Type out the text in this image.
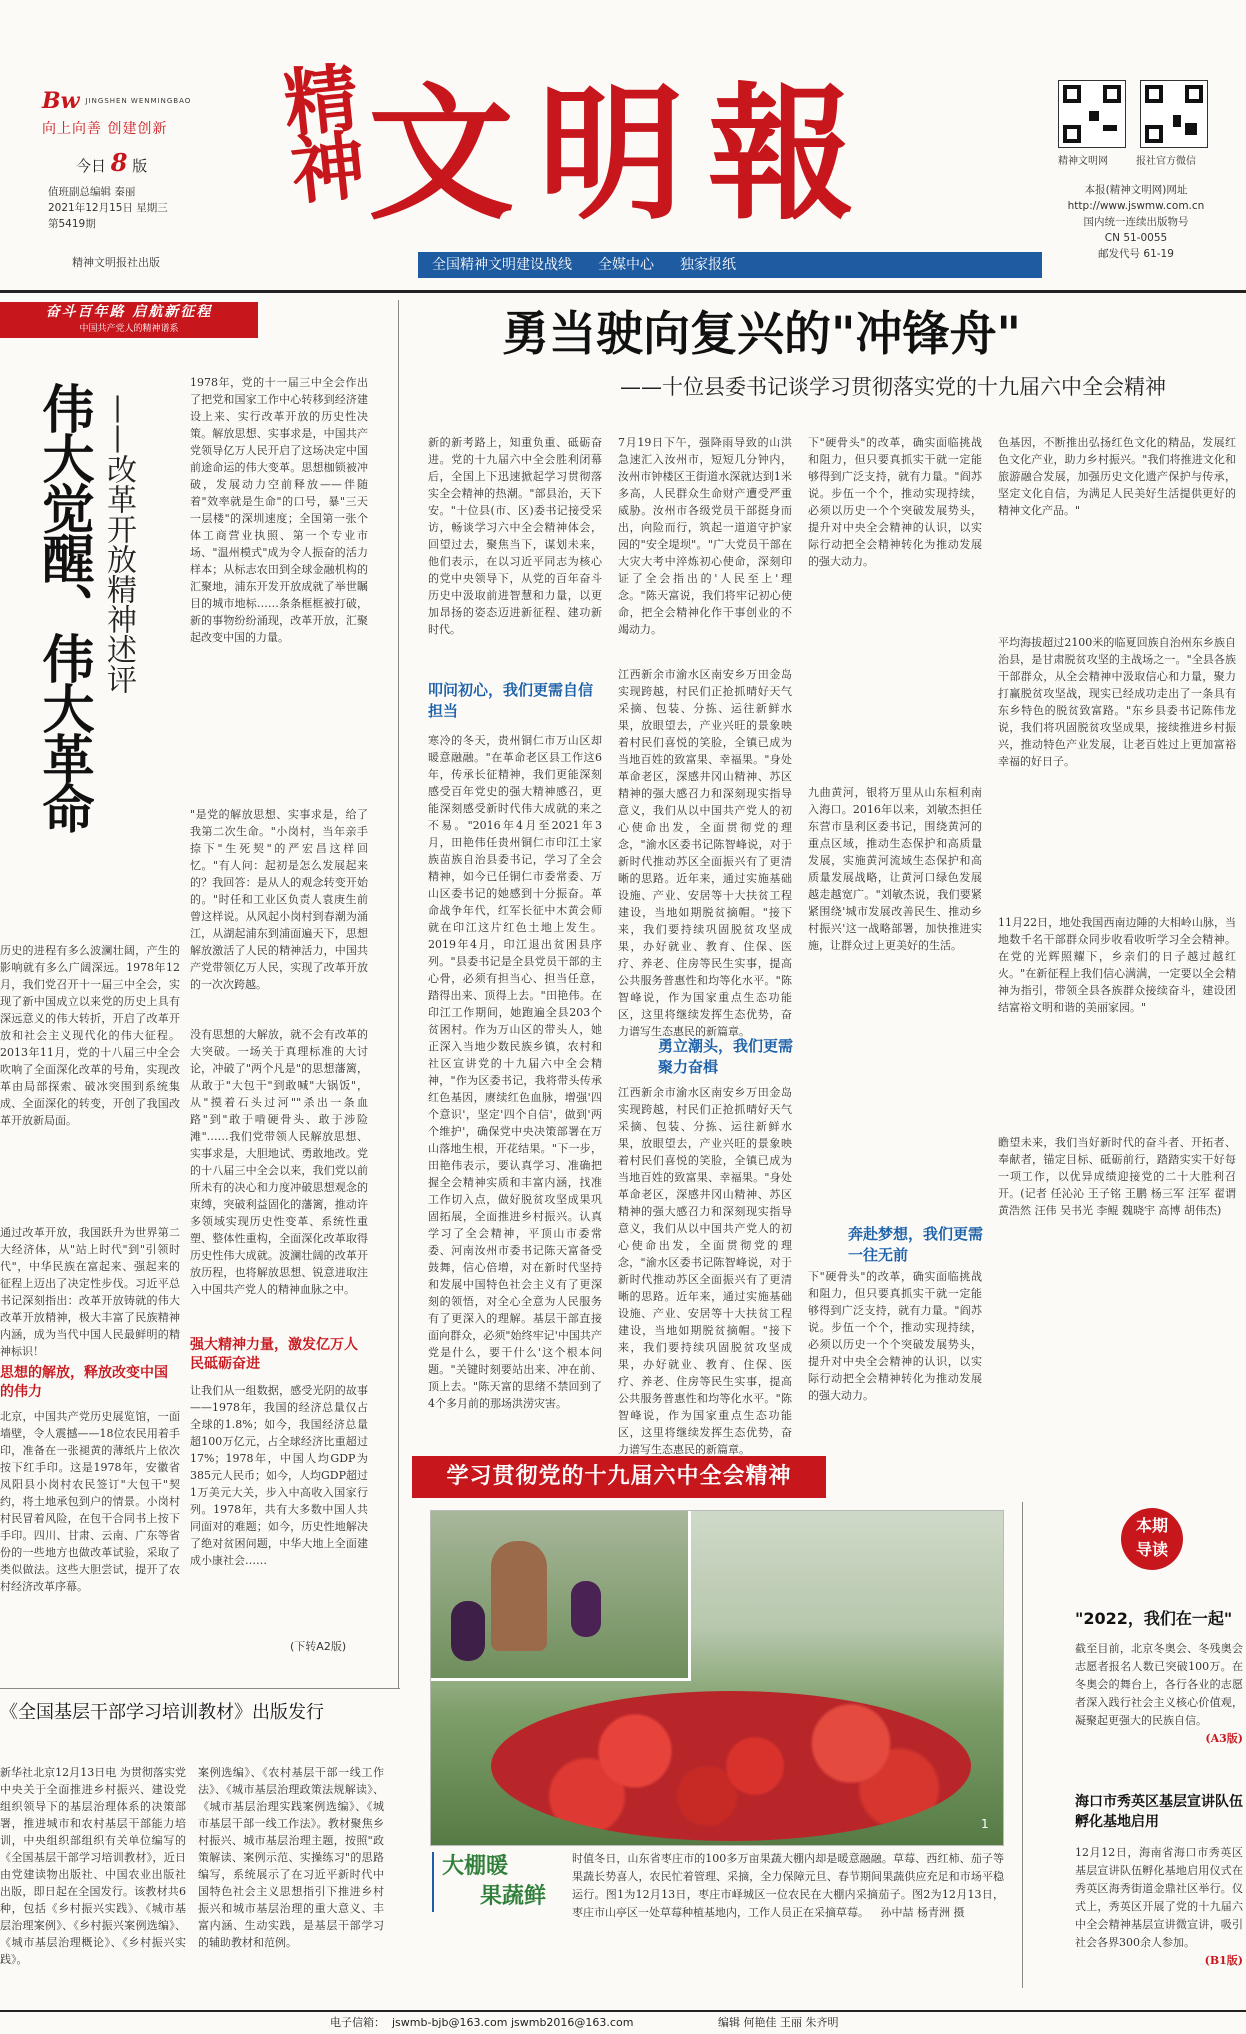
Bw JINGSHEN WENMINGBAO
向上向善 创建创新
今日 8 版
值班副总编辑 秦丽
2021年12月15日 星期三
第5419期
精神文明报社出版
精神 文明報	精神文明网	报社官方微信
本报(精神文明网)网址
http://www.jswmw.com.cn
国内统一连续出版物号
CN 51-0055
邮发代号 61-19
全国精神文明建设战线 全媒中心 独家报纸
奋斗百年路 启航新征程
中国共产党人的精神谱系
伟大觉醒、伟大革命 ——改革开放精神述评
1978年，党的十一届三中全会作出了把党和国家工作中心转移到经济建设上来、实行改革开放的历史性决策。解放思想、实事求是，中国共产党领导亿万人民开启了这场决定中国前途命运的伟大变革。思想枷锁被冲破，发展动力空前释放——伴随着"效率就是生命"的口号，暴"三天一层楼"的深圳速度；全国第一张个体工商营业执照、第一个专业市场、"温州模式"成为令人振奋的活力样本；从标志农田到全球金融机构的汇聚地，浦东开发开放成就了举世瞩目的城市地标……条条框框被打破，新的事物纷纷涌现，改革开放，汇聚起改变中国的力量。
"是党的解放思想、实事求是，给了我第二次生命。"小岗村，当年亲手捺下"生死契"的严宏昌这样回忆。"有人问：起初是怎么发展起来的？我回答：是从人的观念转变开始的。"时任和工业区负责人袁庚生前曾这样说。从风起小岗村到春潮为涌江，从湖起浦东到浦面遍天下，思想解放激活了人民的精神活力，中国共产党带领亿万人民，实现了改革开放的一次次跨越。
历史的进程有多么波澜壮阔，产生的影响就有多么广阔深远。1978年12月，我们党召开十一届三中全会，实现了新中国成立以来党的历史上具有深远意义的伟大转折，开启了改革开放和社会主义现代化的伟大征程。2013年11月，党的十八届三中全会吹响了全面深化改革的号角，实现改革由局部探索、破冰突围到系统集成、全面深化的转变，开创了我国改革开放新局面。
通过改革开放，我国跃升为世界第二大经济体，从"站上时代"到"引领时代"，中华民族在富起来、强起来的征程上迈出了决定性步伐。习近平总书记深刻指出：改革开放铸就的伟大改革开放精神，极大丰富了民族精神内涵，成为当代中国人民最鲜明的精神标识！
思想的解放，释放改变中国的伟力
北京，中国共产党历史展览馆，一面墙壁，令人震撼——18位农民用着手印，准备在一张褪黄的薄纸片上依次按下红手印。这是1978年，安徽省凤阳县小岗村农民签订"大包干"契约，将土地承包到户的情景。小岗村村民冒着风险，在包干合同书上按下手印。四川、甘肃、云南、广东等省份的一些地方也做改革试验，采取了类似做法。这些大胆尝试，提开了农村经济改革序幕。
没有思想的大解放，就不会有改革的大突破。一场关于真理标准的大讨论，冲破了"两个凡是"的思想藩篱，从敢于"大包干"到敢喊"大锅饭"，从"摸着石头过河""杀出一条血路"到"敢于啃硬骨头、敢于涉险滩"……我们党带领人民解放思想、实事求是，大胆地试、勇敢地改。党的十八届三中全会以来，我们党以前所未有的决心和力度冲破思想观念的束缚，突破利益固化的藩篱，推动许多领域实现历史性变革、系统性重塑、整体性重构，全面深化改革取得历史性伟大成就。波澜壮阔的改革开放历程，也将解放思想、锐意进取注入中国共产党人的精神血脉之中。
强大精神力量，激发亿万人民砥砺奋进
让我们从一组数据，感受光阴的故事——1978年，我国的经济总量仅占全球的1.8%；如今，我国经济总量超100万亿元，占全球经济比重超过17%；1978年，中国人均GDP为385元人民币；如今，人均GDP超过1万美元大关，步入中高收入国家行列。1978年，共有大多数中国人共同面对的难题；如今，历史性地解决了绝对贫困问题，中华大地上全面建成小康社会……
(下转A2版)
勇当驶向复兴的"冲锋舟"
——十位县委书记谈学习贯彻落实党的十九届六中全会精神
新的新考路上，知重负重、砥砺奋进。党的十九届六中全会胜利闭幕后，全国上下迅速掀起学习贯彻落实全会精神的热潮。"部县治，天下安。"十位县(市、区)委书记接受采访，畅谈学习六中全会精神体会，回望过去，聚焦当下，谋划未来，他们表示，在以习近平同志为核心的党中央领导下，从党的百年奋斗历史中汲取前进智慧和力量，以更加昂扬的姿态迈进新征程、建功新时代。
叩问初心，我们更需自信担当
寒冷的冬天，贵州铜仁市万山区却暖意融融。"在革命老区县工作这6年，传承长征精神，我们更能深刻感受百年党史的强大精神感召，更能深刻感受新时代伟大成就的来之不易。"2016年4月至2021年3月，田艳伟任贵州铜仁市印江土家族苗族自治县委书记，学习了全会精神，如今已任铜仁市委常委、万山区委书记的她感到十分振奋。革命战争年代，红军长征中木黄会师就在印江这片红色土地上发生。2019年4月，印江退出贫困县序列。"县委书记是全县党员干部的主心骨，必须有担当心、担当任意，踏得出来、顶得上去。"田艳伟。在印江工作期间，她跑遍全县203个贫困村。作为万山区的带头人，她正深入当地少数民族乡镇，农村和社区宣讲党的十九届六中全会精神，"作为区委书记，我将带头传承红色基因，赓续红色血脉，增强'四个意识'，坚定'四个自信'，做到'两个维护'，确保党中央决策部署在万山落地生根，开花结果。"下一步，田艳伟表示，要认真学习、准确把握全会精神实质和丰富内涵，找准工作切入点，做好脱贫攻坚成果巩固拓展，全面推进乡村振兴。认真学习了全会精神，平顶山市委常委、河南汝州市委书记陈天富备受鼓舞，信心倍增，对在新时代坚持和发展中国特色社会主义有了更深刻的领悟，对全心全意为人民服务有了更深入的理解。基层干部直接面向群众，必须"始终牢记'中国共产党是什么，要干什么'这个根本问题。"关键时刻要站出来、冲在前、顶上去。"陈天富的思绪不禁回到了4个多月前的那场洪涝灾害。
7月19日下午，强降雨导致的山洪急速汇入汝州市，短短几分钟内，汝州市钟楼区王街道水深就达到1米多高，人民群众生命财产遭受严重威胁。汝州市各级党员干部挺身而出，向险而行，筑起一道道守护家园的"安全堤坝"。"广大党员干部在大灾大考中淬炼初心使命，深刻印证了全会指出的'人民至上'理念。"陈天富说，我们将牢记初心使命，把全会精神化作干事创业的不竭动力。
江西新余市渝水区南安乡万田金岛实现跨越，村民们正抢抓晴好天气采摘、包装、分拣、运往新鲜水果，放眼望去，产业兴旺的景象映着村民们喜悦的笑脸，全镇已成为当地百姓的致富果、幸福果。"身处革命老区，深感井冈山精神、苏区精神的强大感召力和深刻现实指导意义，我们从以中国共产党人的初心使命出发，全面贯彻党的理念，"渝水区委书记陈智峰说，对于新时代推动苏区全面振兴有了更清晰的思路。近年来，通过实施基础设施、产业、安居等十大扶贫工程建设，当地如期脱贫摘帽。"接下来，我们要持续巩固脱贫攻坚成果，办好就业、教育、住保、医疗、养老、住房等民生实事，提高公共服务普惠性和均等化水平。"陈智峰说，作为国家重点生态功能区，这里将继续发挥生态优势，奋力谱写生态惠民的新篇章。
勇立潮头，我们更需聚力奋楫
江西新余市渝水区南安乡万田金岛实现跨越，村民们正抢抓晴好天气采摘、包装、分拣、运往新鲜水果，放眼望去，产业兴旺的景象映着村民们喜悦的笑脸，全镇已成为当地百姓的致富果、幸福果。"身处革命老区，深感井冈山精神、苏区精神的强大感召力和深刻现实指导意义，我们从以中国共产党人的初心使命出发，全面贯彻党的理念，"渝水区委书记陈智峰说，对于新时代推动苏区全面振兴有了更清晰的思路。近年来，通过实施基础设施、产业、安居等十大扶贫工程建设，当地如期脱贫摘帽。"接下来，我们要持续巩固脱贫攻坚成果，办好就业、教育、住保、医疗、养老、住房等民生实事，提高公共服务普惠性和均等化水平。"陈智峰说，作为国家重点生态功能区，这里将继续发挥生态优势，奋力谱写生态惠民的新篇章。
下"硬骨头"的改革，确实面临挑战和阻力，但只要真抓实干就一定能够得到广泛支持，就有力量。"阎苏说。步伍一个个，推动实现持续，必须以历史一个个突破发展势头，提升对中央全会精神的认识，以实际行动把全会精神转化为推动发展的强大动力。
九曲黄河，银将万里从山东桓利南入海口。2016年以来，刘敏杰担任东营市垦利区委书记，围绕黄河的重点区域，推动生态保护和高质量发展，实施黄河流域生态保护和高质量发展战略，让黄河口绿色发展越走越宽广。"刘敏杰说，我们要紧紧围绕'城市发展改善民生、推动乡村振兴'这一战略部署，加快推进实施，让群众过上更美好的生活。
奔赴梦想，我们更需一往无前
下"硬骨头"的改革，确实面临挑战和阻力，但只要真抓实干就一定能够得到广泛支持，就有力量。"阎苏说。步伍一个个，推动实现持续，必须以历史一个个突破发展势头，提升对中央全会精神的认识，以实际行动把全会精神转化为推动发展的强大动力。
色基因，不断推出弘扬红色文化的精品，发展红色文化产业，助力乡村振兴。"我们将推进文化和旅游融合发展，加强历史文化遗产保护与传承，坚定文化自信，为满足人民美好生活提供更好的精神文化产品。"
平均海拔超过2100米的临夏回族自治州东乡族自治县，是甘肃脱贫攻坚的主战场之一。"全县各族干部群众，从全会精神中汲取信心和力量，聚力打赢脱贫攻坚战，现实已经成功走出了一条具有东乡特色的脱贫致富路。"东乡县委书记陈伟龙说，我们将巩固脱贫攻坚成果，接续推进乡村振兴，推动特色产业发展，让老百姓过上更加富裕幸福的好日子。
11月22日，地处我国西南边陲的大相岭山脉，当地数千名干部群众同步收看收听学习全会精神。在党的光辉照耀下，乡亲们的日子越过越红火。"在新征程上我们信心满满，一定要以全会精神为指引，带领全县各族群众接续奋斗，建设团结富裕文明和谐的美丽家园。"
瞻望未来，我们当好新时代的奋斗者、开拓者、奉献者，锚定目标、砥砺前行，踏踏实实干好每一项工作，以优异成绩迎接党的二十大胜利召开。(记者 任沁沁 王子铭 王鹏 杨三军 汪军 翟谓 黄浩然 汪伟 吴书光 李鲲 魏晓宇 高博 胡伟杰)
学习贯彻党的十九届六中全会精神
1
大棚暖
果蔬鲜
时值冬日，山东省枣庄市的100多万亩果蔬大棚内却是暖意融融。草莓、西红柿、茄子等果蔬长势喜人，农民忙着管理、采摘，全力保障元旦、春节期间果蔬供应充足和市场平稳运行。图1为12月13日，枣庄市峄城区一位农民在大棚内采摘茄子。图2为12月13日，枣庄市山亭区一处草莓种植基地内，工作人员正在采摘草莓。 孙中喆 杨青洲 摄
本期
导读
"2022，我们在一起"
截至目前，北京冬奥会、冬残奥会志愿者报名人数已突破100万。在冬奥会的舞台上，各行各业的志愿者深入践行社会主义核心价值观，凝聚起更强大的民族自信。
(A3版)
海口市秀英区基层宣讲队伍孵化基地启用
12月12日，海南省海口市秀英区基层宣讲队伍孵化基地启用仪式在秀英区海秀街道金鼎社区举行。仪式上，秀英区开展了党的十九届六中全会精神基层宣讲微宣讲，吸引社会各界300余人参加。
(B1版)
《全国基层干部学习培训教材》出版发行
新华社北京12月13日电 为贯彻落实党中央关于全面推进乡村振兴、建设党组织领导下的基层治理体系的决策部署，推进城市和农村基层干部能力培训，中央组织部组织有关单位编写的《全国基层干部学习培训教材》，近日由党建读物出版社、中国农业出版社出版，即日起在全国发行。该教材共6种，包括《乡村振兴实践》、《城市基层治理案例》、《乡村振兴案例选编》、《城市基层治理概论》、《乡村振兴实践》。
案例选编》、《农村基层干部一线工作法》、《城市基层治理政策法规解读》、《城市基层治理实践案例选编》、《城市基层干部一线工作法》。教材聚焦乡村振兴、城市基层治理主题，按照"政策解读、案例示范、实操练习"的思路编写，系统展示了在习近平新时代中国特色社会主义思想指引下推进乡村振兴和城市基层治理的重大意义、丰富内涵、生动实践，是基层干部学习的辅助教材和范例。
电子信箱： jswmb-bjb@163.com jswmb2016@163.com	编辑 何艳佳 王丽 朱齐明
